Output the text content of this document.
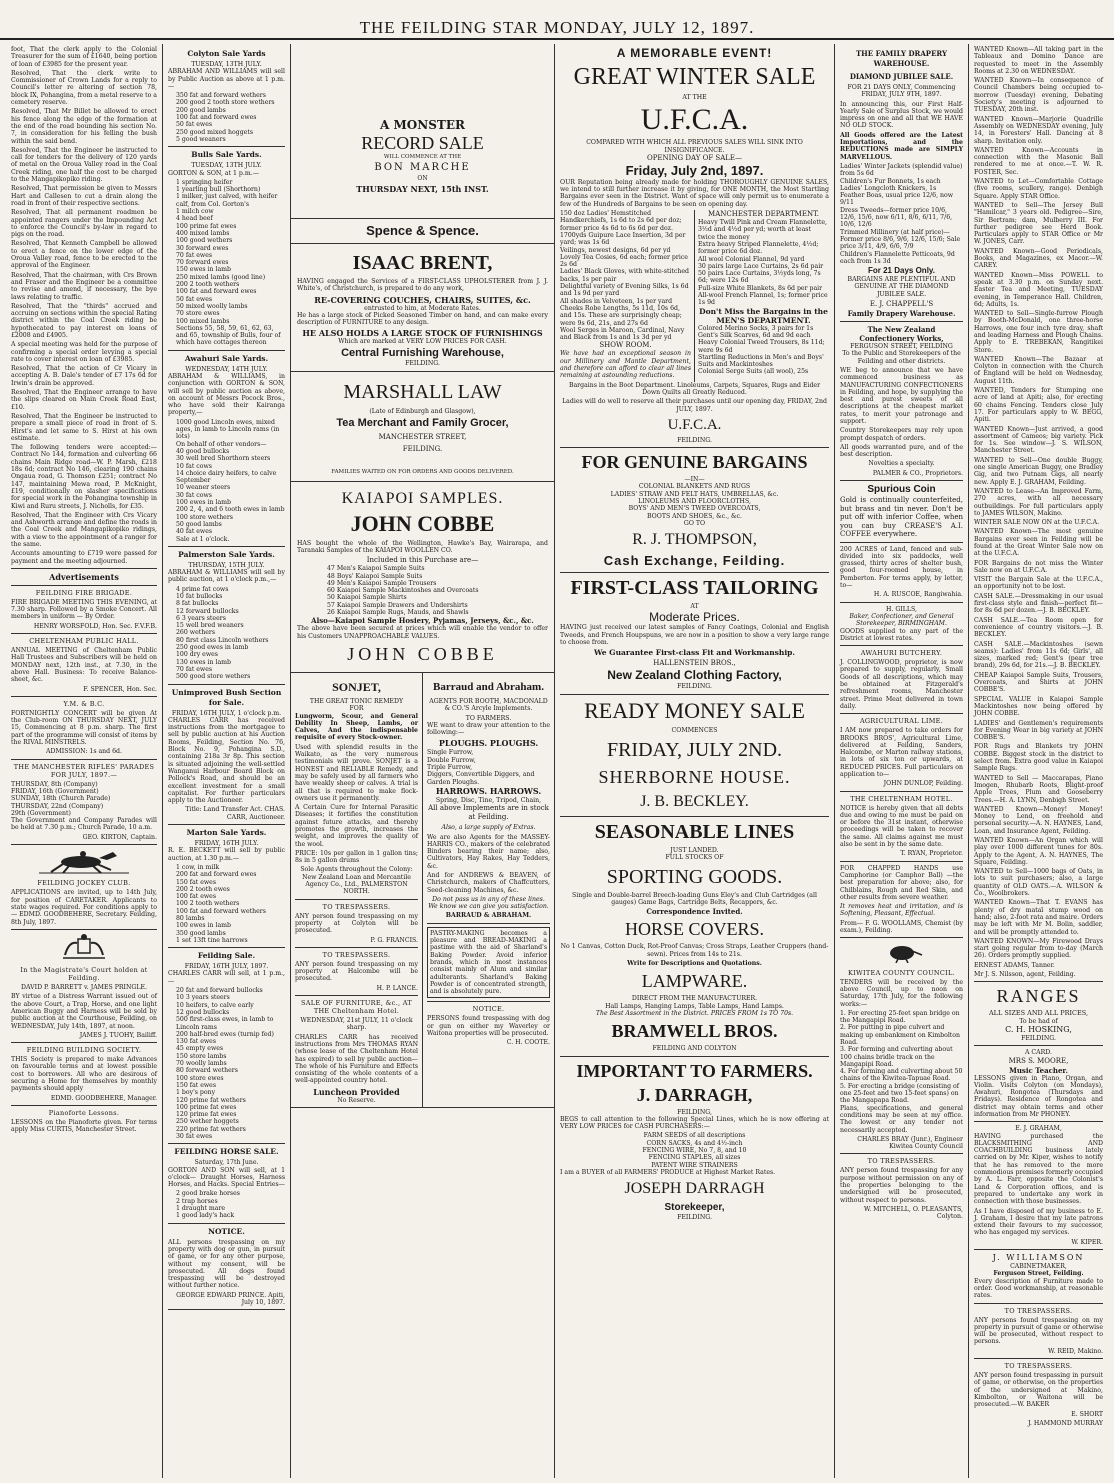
THE FEILDING STAR MONDAY, JULY 12, 1897.

foot, That the clerk apply to the Colonial Treasurer for the sum of £1640, being portion of loan of £3985 for the present year.

Resolved, That the clerk write to Commissioner of Crown Lands for a reply to Council's letter re altering of section 78, block IX, Pohangina, from a metal reserve to a cemetery reserve.

Resolved, That Mr Billet be allowed to erect his fence along the edge of the formation at the end of the road bounding his section No. 7, in consideration for his felling the bush within the said bend.

Resolved, That the Engineer be instructed to call for tenders for the delivery of 120 yards of metal on the Oroua Valley road in the Coal Creek riding, one half the cost to be charged to the Mangapikopiko riding.

Resolved, That permission be given to Messrs Hart and Callesen to cut a drain along the road in front of their respective sections.

Resolved, That all permanent roadmen be appointed rangers under the Impounding Act to enforce the Council's by-law in regard to pigs on the road.

Resolved, That Kenneth Campbell be allowed to erect a fence on the lower edge of the Oroua Valley road, fence to be erected to the approval of the Engineer.

Resolved, That the chairman, with Crs Brown and Fraser and the Engineer be a committee to revise and amend, if necessary, the bye laws relating to traffic.

Resolved, That the "thirds" accrued and accruing on sections within the special Rating district within the Coal Creek riding be hypothecated to pay interest on loans of £2008 and £4905.

A special meeting was held for the purpose of confirming a special order levying a special rate to cover interest on loan of £3985.

Resolved, That the action of Cr Vicary in accepting A. B. Dale's tender of £7 17s 6d for Irwin's drain be approved.

Resolved, That the Engineer arrange to have the slips cleared on Main Creek Road East, £10.

Resolved, That the Engineer be instructed to prepare a small piece of road in front of S. Hirst's and let same to S. Hirst at his own estimate.

The following tenders were accepted:— Contract No 144, formation and culverting 66 chains Main Ridge road—W. P. Marsh, £218 18s 6d; contract No 146, clearing 190 chains Ongaua road, G. Thomson £251; contract No 147, maintaining Mewa road, P. McKnight, £19, conditionally on slasher specifications for special work in the Pohangina township in Kiwi and Ruru streets, J. Nicholls, for £35.

Resolved, That the Engineer with Crs Vicary and Ashworth arrange and define the roads in the Coal Creek and Mangapikopiko ridings, with a view to the appointment of a ranger for the same.

Accounts amounting to £719 were passed for payment and the meeting adjourned.

Advertisements
FEILDING FIRE BRIGADE.

FIRE BRIGADE MEETING THIS EVENING, at 7.30 sharp. Followed by a Smoke Concert. All members in uniform — By Order.

HENRY WORSFOLD, Hon. Sec. F.V.F.B.

CHELTENHAM PUBLIC HALL.

ANNUAL MEETING of Cheltenham Public Hall Trustees and Subscribers will be held on MONDAY next, 12th inst., at 7.30, in the above Hall. Business: To receive Balance-sheet, &c.

F. SPENCER, Hon. Sec.

Y.M. & B.C.

FORTNIGHTLY CONCERT will be given At the Club-room ON THURSDAY NEXT, JULY 15, Commencing at 8 p.m. sharp. The first part of the programme will consist of items by the RIVAL MINSTRELS.

ADMISSION: 1s and 6d.

THE MANCHESTER RIFLES' PARADES FOR JULY, 1897.—
THURSDAY, 8th (Company)
FRIDAY, 16th (Government)
SUNDAY, 18th (Church Parade)
THURSDAY, 22nd (Company)
29th (Government)

The Government and Company Parades will be held at 7.30 p.m.; Church Parade, 10 a.m.

GEO. KIRTON, Captain.

FEILDING JOCKEY CLUB.

APPLICATIONS are invited, up to 14th July, for position of CARETAKER. Applicants to state wages required. For conditions apply to— EDMD. GOODBEHERE, Secretary. Feilding, 8th July, 1897.

In the Magistrate's Court holden at Feilding.

DAVID P. BARRETT v. JAMES PRINGLE.

BY virtue of a Distress Warrant issued out of the above Court, a Trap, Horse, and one light American Buggy and Harness will be sold by public auction at the Courthouse, Feilding, on WEDNESDAY, July 14th, 1897, at noon.

JAMES J. TUOHY, Bailiff.

FEILDING BUILDING SOCIETY.

THIS Society is prepared to make Advances on favourable terms and at lowest possible cost to borrowers. All who are desirous of securing a Home for themselves by monthly payments should apply

EDMD. GOODBEHERE, Manager.

Pianoforte Lessons.

LESSONS on the Pianoforte given. For terms apply Miss CURTIS, Manchester Street.

Colyton Sale Yards
TUESDAY, 13TH JULY.

ABRAHAM AND WILLIAMS will sell by Public Auction as above at 1 p.m.—

350 fat and forward wethers
200 good 2 tooth store wethers
200 good lambs
100 fat and forward ewes
50 fat ewes
250 good mixed hoggets
5 good weaners
Bulls Sale Yards.
TUESDAY, 13TH JULY.

GORTON & SON, at 1 p.m.—

1 springing heifer
1 yearling bull (Shorthorn)
1 milker, just calved, with heifer calf, from Col. Gorton's
1 milch cow
4 head beef
100 prime fat ewes
400 mixed lambs
100 good wethers
30 forward ewes
70 fat ewes
70 forward ewes
150 ewes in lamb
250 mixed lambs (good line)
200 2 tooth wethers
100 fat and forward ewes
50 fat ewes
50 mixed woolly lambs
70 store ewes
100 mixed lambs
Sections 55, 58, 59, 61, 62, 63, and 65, township of Bulls, four of which have cottages thereon
Awahuri Sale Yards.
WEDNESDAY, 14TH JULY.

ABRAHAM & WILLIAMS, in conjunction with GORTON & SON, will sell by public auction as above, on account of Messrs Pocock Bros., who have sold their Kairanga property,—

1000 good Lincoln ewes, mixed ages, in lamb to Lincoln rams (in lots)
On behalf of other vendors—
40 good bullocks
30 well bred Shorthorn steers
10 fat cows
14 choice dairy heifers, to calve September
10 weaner steers
30 fat cows
100 ewes in lamb
200 2, 4, and 6 tooth ewes in lamb
100 store wethers
50 good lambs
40 fat ewes
Sale at 1 o'clock.
Palmerston Sale Yards.
THURSDAY, 15TH JULY.

ABRAHAM & WILLIAMS will sell by public auction, at 1 o'clock p.m.,—

4 prime fat cows
10 fat bullocks
8 fat bullocks
12 forward bullocks
6 3 years steers
15 well bred weaners
260 wethers
80 first class Lincoln wethers
250 good ewes in lamb
100 dry ewes
130 ewes in lamb
70 fat ewes
500 good store wethers
Unimproved Bush Section for Sale.
FRIDAY, 16TH JULY, 1 o'clock p.m.

CHARLES CARR has received instructions from the mortgagee to sell by public auction at his Auction Rooms, Feilding, Section No. 76, Block No. 9, Pohangina S.D., containing 218a 3r 8p. This section is situated adjoining the well-settled Wanganui Harbour Board Block on Pollock's Road, and should be an excellent investment for a small capitalist. For further particulars apply to the Auctioneer.

Title: Land Transfer Act. CHAS. CARR, Auctioneer.

Marton Sale Yards.
FRIDAY, 16TH JULY.

R. E. BECKETT will sell by public auction, at 1.30 p.m.—

1 cow, in milk
200 fat and forward ewes
150 fat ewes
200 2 tooth ewes
100 fat ewes
100 2 tooth wethers
100 fat and forward wethers
80 lambs
100 ewes in lamb
350 good lambs
1 set 13ft tine harrows
Feilding Sale.
FRIDAY, 16TH JULY, 1897.

CHARLES CARR will sell, at 1 p.m.,—

20 fat and forward bullocks
10 3 years steers
10 heifers, to calve early
12 good bullocks
500 first-class ewes, in lamb to Lincoln rams
200 half-bred ewes (turnip fed)
130 fat ewes
45 empty ewes
150 store lambs
70 woolly lambs
80 forward wethers
100 store ewes
150 fat ewes
1 boy's pony
120 prime fat wethers
100 prime fat ewes
120 prime fat ewes
250 wether hoggets
220 prime fat wethers
30 fat ewes
FEILDING HORSE SALE.
Saturday, 17th June.

GORTON AND SON will sell, at 1 o'clock— Draught Horses, Harness Horses, and Hacks. Special Entries—

2 good brake horses
2 trap horses
1 draught mare
1 good lady's hack
NOTICE.

ALL persons trespassing on my property with dog or gun, in pursuit of game, or for any other purpose, without my consent, will be prosecuted. All dogs found trespassing will be destroyed without further notice.

GEORGE EDWARD PRINCE. Apiti, July 10, 1897.

A MONSTER
RECORD SALE
WILL COMMENCE AT THE
BON MARCHE
ON
THURSDAY NEXT, 15th INST.
Spence & Spence.
ISAAC BRENT,

HAVING engaged the Services of a FIRST-CLASS UPHOLSTERER from J. J. White's, of Christchurch, is prepared to do any work,

RE-COVERING COUCHES, CHAIRS, SUITES, &c.
entrusted to him, at Moderate Rates.

He has a large stock of Picked Seasoned Timber on hand, and can make every description of FURNITURE to any design.

HE ALSO HOLDS A LARGE STOCK OF FURNISHINGS
Which are marked at VERY LOW PRICES FOR CASH.
Central Furnishing Warehouse,
FEILDING.
MARSHALL LAW
(Late of Edinburgh and Glasgow),
Tea Merchant and Family Grocer,
MANCHESTER STREET,
FEILDING.
FAMILIES WAITED ON FOR ORDERS AND GOODS DELIVERED.
KAIAPOI SAMPLES.
JOHN COBBE

HAS bought the whole of the Wellington, Hawke's Bay, Wairarapa, and Taranaki Samples of the KAIAPOI WOOLLEN CO.

Included in this Purchase are—
47 Men's Kaiapoi Sample Suits
48 Boys' Kaiapoi Sample Suits
49 Men's Kaiapoi Sample Trousers
60 Kaiapoi Sample Mackintoshes and Overcoats
50 Kaiapoi Sample Shirts
57 Kaiapoi Sample Drawers and Undershirts
26 Kaiapoi Sample Rugs, Mauds, and Shawls
Also—Kaiapoi Sample Hosiery, Pyjamas, Jerseys, &c., &c.

The above have been secured at prices which will enable the vendor to offer his Customers UNAPPROACHABLE VALUES.

JOHN COBBE
SONJET,
THE GREAT TONIC REMEDY
FOR

Lungworm, Scour, and General Debility In Sheep, Lambs, or Calves, And the indispensable requisite of every Stock-owner.

Used with splendid results in the Waikato, as the very numerous testimonials will prove. SONJET is a HONEST and RELIABLE Remedy, and may be safely used by all farmers who have weakly sheep or calves. A trial is all that is required to make flock-owners use it permanently.

A Certain Cure for Internal Parasitic Diseases; it fortifies the constitution against future attacks, and thereby promotes the growth, increases the weight, and improves the quality of the wool.

PRICE: 10s per gallon in 1 gallon tins; 8s in 5 gallon drums

Sole Agents throughout the Colony: New Zealand Loan and Mercantile Agency Co., Ltd., PALMERSTON NORTH.

TO TRESPASSERS.

ANY person found trespassing on my property at Colyton will be prosecuted.

P. G. FRANCIS.

TO TRESPASSERS.

ANY person found trespassing on my property at Halcombe will be prosecuted.

H. P. LANCE.

SALE OF FURNITURE, &c., AT THE Cheltenham Hotel.

WEDNESDAY, 21st JULY, 11 o'clock sharp.

CHARLES CARR has received instructions from Mrs THOMAS RYAN (whose lease of the Cheltenham Hotel has expired) to sell by public auction— The whole of his Furniture and Effects consisting of the whole contents of a well-appointed country hotel.

Luncheon Provided
No Reserve.
Barraud and Abraham.

AGENTS FOR BOOTH, MACDONALD & CO.'S Arcyle Implements.

TO FARMERS.

WE want to draw your attention to the following:—

PLOUGHS. PLOUGHS.
Single Furrow,
Double Furrow,
Triple Furrow,
Diggers, Convertible Diggers, and Garden Ploughs.
HARROWS. HARROWS.
Spring, Disc, Tine, Tripod, Chain,

All above Implements are in stock at Feilding.

Also, a large supply of Extras.

We are also Agents for the MASSEY-HARRIS CO., makers of the celebrated Binders bearing their name; also, Cultivators, Hay Rakes, Hay Tedders, &c.

And for ANDREWS & BEAVEN, of Christchurch, makers of Chaffcutters, Seed-cleaning Machines, &c.

Do not pass us in any of these lines. We know we can give you satisfaction.

BARRAUD & ABRAHAM.

PASTRY-MAKING becomes a pleasure and BREAD-MAKING a pastime with the aid of Sharland's Baking Powder. Avoid inferior brands, which in most instances consist mainly of Alum and similar adulterants. Sharland's Baking Powder is of concentrated strength, and is absolutely pure.

NOTICE.

PERSONS found trespassing with dog or gun on either my Waverley or Waitona properties will be prosecuted.

C. H. COOTE.

A MEMORABLE EVENT!
GREAT WINTER SALE
AT THE
U.F.C.A.
COMPARED WITH WHICH ALL PREVIOUS SALES WILL SINK INTO INSIGNIFICANCE.
OPENING DAY OF SALE—
Friday, July 2nd, 1897.

OUR Reputation being already made for holding THOROUGHLY GENUINE SALES, we intend to still further increase it by giving, for ONE MONTH, the Most Startling Bargains ever seen in the District. Want of space will only permit us to enumerate a few of the Hundreds of Bargains to be seen on opening day.

150 doz Ladies' Hemstitched Handkerchiefs, 1s 6d to 2s 6d per doz; former price 4s 6d to 6s 6d per doz.
1700yds Guipure Lace Insertion, 3d per yard; was 1s 6d
Veilings, newest designs, 6d per yd
Lovely Tea Cosies, 6d each; former price 2s 6d
Ladies' Black Gloves, with white-stitched backs, 1s per pair
Delightful variety of Evening Silks, 1s 6d and 1s 9d per yard
All shades in Velveteen, 1s per yard
Cheeks Robe Lengths, 5s 11d, 10s 6d, and 15s. These are surprisingly cheap; were 9s 6d, 21s, and 27s 6d
Wool Serges in Maroon, Cardinal, Navy and Black from 1s and 1s 3d per yd
SHOW ROOM.

We have had an exceptional season in our Millinery and Mantle Department, and therefore can afford to clear all lines remaining at astounding reductions.

MANCHESTER DEPARTMENT.
Heavy Twill Pink and Cream Flannelette, 3½d and 4½d per yd; worth at least twice the money
Extra heavy Striped Flannelette, 4½d; former price 6d doz.
All wool Colonial Flannel, 9d yard
30 pairs large Lace Curtains, 2s 6d pair
50 pairs Lace Curtains, 3½yds long, 7s 6d; were 12s 6d
Full-size White Blankets, 8s 6d per pair
All-wool French Flannel, 1s; former price 1s 9d
Don't Miss the Bargains in the MEN'S DEPARTMENT.
Colored Merino Socks, 3 pairs for 1s
Gent's Silk Scarves, 6d and 9d each
Heavy Colonial Tweed Trousers, 8s 11d; were 9s 6d
Startling Reductions in Men's and Boys' Suits and Mackintoshes
Colonial Serge Suits (all wool), 25s

Bargains in the Boot Department. Linoleums, Carpets, Squares, Rugs and Eider Down Quilts all Greatly Reduced.

Ladies will do well to reserve all their purchases until our opening day, FRIDAY, 2nd JULY, 1897.

U.F.C.A.
FEILDING.
FOR GENUINE BARGAINS
—IN—
COLONIAL BLANKETS AND RUGS
LADIES' STRAW AND FELT HATS, UMBRELLAS, &c.
LINOLEUMS AND FLOORCLOTHS,
BOYS' AND MEN'S TWEED OVERCOATS,
BOOTS AND SHOES, &c., &c.
GO TO
R. J. THOMPSON,
Cash Exchange, Feilding.
FIRST-CLASS TAILORING
AT
Moderate Prices.

HAVING just received our latest samples of Fancy Coatings, Colonial and English Tweeds, and French Houpspuns, we are now in a position to show a very large range to choose from.

We Guarantee First-class Fit and Workmanship.
HALLENSTEIN BROS.,
New Zealand Clothing Factory,
FEILDING.
READY MONEY SALE
COMMENCES
FRIDAY, JULY 2ND.
SHERBORNE HOUSE.
J. B. BECKLEY.
SEASONABLE LINES
JUST LANDED.
FULL STOCKS OF
SPORTING GOODS.

Single and Double-barrel Breech-loading Guns Eley's and Club Cartridges (all gauges) Game Bags, Cartridge Belts, Recappers, &c.

Correspondence Invited.
HORSE COVERS.

No 1 Canvas, Cotton Duck, Rot-Proof Canvas; Cross Straps, Leather Cruppers (hand-sewn). Prices from 14s to 21s.

Write for Descriptions and Quotations.
LAMPWARE.
DIRECT FROM THE MANUFACTURER.
Hall Lamps, Hanging Lamps, Table Lamps, Hand Lamps.
The Best Assortment in the District. PRICES FROM 1s TO 70s.
BRAMWELL BROS.
FEILDING AND COLYTON
IMPORTANT TO FARMERS.
J. DARRAGH,
FEILDING,

BEGS to call attention to the following Special Lines, which he is now offering at VERY LOW PRICES for CASH PURCHASERS:—

FARM SEEDS of all descriptions
CORN SACKS, 4s and 4½-inch
FENCING WIRE, No 7, 8, and 10
FENCING STAPLES, all sizes
PATENT WIRE STRAINERS

I am a BUYER of all FARMERS' PRODUCE at Highest Market Rates.

JOSEPH DARRAGH
Storekeeper,
FEILDING.
THE FAMILY DRAPERY WAREHOUSE.
DIAMOND JUBILEE SALE.

FOR 21 DAYS ONLY, Commencing FRIDAY, JULY 9TH, 1897.

In announcing this, our First Half-Yearly Sale of Surplus Stock, we would impress on one and all that WE HAVE NO OLD STOCK.

All Goods offered are the Latest Importations, and the REDUCTIONS made are SIMPLY MARVELLOUS.

Ladies' Winter Jackets (splendid value) from 5s 6d
Children's Fur Bonnets, 1s each
Ladies' Longcloth Knickers, 1s
Feather Boas, usual price 12/6, now 9/11
Dress Tweeds—former price 10/6, 12/6, 15/6, now 6/11, 8/6, 6/11, 7/6, 10/6, 12/6
Trimmed Millinery (at half price)—Former price 8/6, 9/6, 12/6, 15/6; Sale price 3/11, 4/9, 6/6, 7/9
Children's Flannelette Petticoats, 9d each from 1s 3d
For 21 Days Only.

BARGAINS ARE PLENTIFUL AND GENUINE AT THE DIAMOND JUBILEE SALE.

E. J. CHAPPELL'S
Family Drapery Warehouse.
The New Zealand Confectionery Works,
FERGUSON STREET, FEILDING

To the Public and Storekeepers of the Feilding and other districts.

WE beg to announce that we have commenced business as MANUFACTURING CONFECTIONERS in Feilding, and hope, by supplying the best and purest sweets of all descriptions at the cheapest market rates, to merit your patronage and support.

Country Storekeepers may rely upon prompt despatch of orders.

All goods warranted pure, and of the best description.

Novelties a specialty.

PALMER & CO., Proprietors.

Spurious Coin

Gold is continually counterfeited, but brass and tin never. Don't be put off with inferior Coffee, when you can buy CREASE'S A.I. COFFEE everywhere.

200 ACRES of Land, fenced and sub-divided into six paddocks, well grassed, thirty acres of shelter bush, good four-roomed house, in Pemberton. For terms apply, by letter, to—

H. A. RUSCOE, Rangiwahia.

H. GILLS,
Baker, Confectioner, and General Storekeeper, BIRMINGHAM.

GOODS supplied to any part of the District at lowest rates.

AWAHURI BUTCHERY.

J. COLLINGWOOD, proprietor, is now prepared to supply, regularly, Small Goods of all descriptions, which may be obtained at Fitzgerald's refreshment rooms, Manchester street. Prime Meat delivered in town daily.

AGRICULTURAL LIME.

I AM now prepared to take orders for BROOKS BROS', Agricultural Lime, delivered at Feilding, Sanders, Halcombe, or Marton railway stations, in lots of six ton or upwards, at REDUCED PRICES. Full particulars on application to—

JOHN DUNLOP, Feilding.

THE CHELTENHAM HOTEL.

NOTICE is hereby given that all debts due and owing to me must be paid on or before the 31st instant, otherwise proceedings will be taken to recover the same. All claims against me must also be sent in by the same date.

T. RYAN, Proprietor.

FOR CHAPPED HANDS use Camphorine (or Camphor Ball) —the best preparation for above; also, for Chilblains, Rough and Red Skin, and other results from severe weather.

It removes heat and irritation, and is Softening, Pleasant, Effectual.

From— F. G. WOOLLAMS, Chemist (by exam.), Feilding.

KIWITEA COUNTY COUNCIL.

TENDERS will be received by the above Council, up to noon on Saturday, 17th July, for the following works:—

1. For erecting 25-feet span bridge on the Mangapipi Road.
2. For putting in pipe culvert and making up embankment on Kimbolton Road.
3. For forming and culverting about 100 chains bridle track on the Mangapipi Road.
4. For forming and culverting about 50 chains of the Kiwitea-Tapuae Road.
5. For erecting a bridge (consisting of one 25-feet and two 15-feet spans) on the Mangapapa Road.

Plans, specifications, and general conditions may be seen at my office. The lowest or any tender not necessarily accepted.

CHARLES BRAY (Junr.), Engineer Kiwitea County Council

TO TRESPASSERS.

ANY person found trespassing for any purpose without permission on any of the properties belonging to the undersigned will be prosecuted, without respect to persons.

W. MITCHELL, O. PLEASANTS, Colyton.

WANTED Known—All taking part in the Tableaux and Domino Dance are requested to meet in the Assembly Rooms at 2.30 on WEDNESDAY.

WANTED Known—In consequence of Council Chambers being occupied to-morrow (Tuesday) evening, Debating Society's meeting is adjourned to TUESDAY, 20th inst.

WANTED Known—Marjorie Quadrille Assembly on WEDNESDAY evening, July 14, in Foresters' Hall. Dancing at 8 sharp. Invitation only.

WANTED Known—Accounts in connection with the Masonic Ball rendered to me at once.—T. W. R. FOSTER, Sec.

WANTED to Let—Comfortable Cottage (five rooms, scullery, range). Denbigh Square. Apply STAR Office.

WANTED to Sell—The Jersey Bull "Hamilcar," 3 years old. Pedigree—Sire, Sir Bertram; dam, Mulberry III. For further pedigree see Herd Book. Particulars apply to STAR Office or Mr W. JONES, Carr.

WANTED Known—Good Periodicals, Books, and Magazines, ex Macor.—W. CAREY.

WANTED Known—Miss POWELL to speak at 3.30 p.m. on Sunday next. Easter Tea and Meeting, TUESDAY evening, in Temperance Hall. Children, 6d; Adults, 1s.

WANTED to Sell—Single-furrow Plough by Booth-McDonald, one three-horse Harrows, one four inch tyre dray, shaft and leading Harness and Plough Chains. Apply to E. TREBEKAN, Rangitikei Store.

WANTED Known—The Bazaar at Colyton in connection with the Church of England will be held on Wednesday, August 11th.

WANTED, Tenders for Stumping one acre of land at Apiti; also, for erecting 60 chains Fencing. Tenders close July 17. For particulars apply to W. BEGG, Apiti.

WANTED Known—Just arrived, a good assortment of Cameos; big variety. Pick for 1s. See window—J. S. WILSON, Manchester Street.

WANTED to Sell—One double Buggy, one single American Buggy, one Bradley Gig, and two Putnam Gigs, all nearly new. Apply E. J. GRAHAM, Feilding.

WANTED to Lease—An Improved Farm, 270 acres, with all necessary outbuildings. For full particulars apply to JAMES WILSON, Makino.

WINTER SALE NOW ON at the U.F.C.A.

WANTED Known—The most genuine Bargains ever seen in Feilding will be found at the Great Winter Sale now on at the U.F.C.A.

FOR Bargains do not miss the Winter Sale now on at U.F.C.A.

VISIT the Bargain Sale at the U.F.C.A., an opportunity not to be lost.

CASH SALE.—Dressmaking in our usual first-class style and finish—perfect fit—for 8s 6d per dozen.—J. B. BECKLEY.

CASH SALE.—Tea Room open for convenience of country visitors.—J. B. BECKLEY.

CASH SALE.—Mackintoshes (sewn seams): Ladies' from 11s 6d; Girls', all sizes, marked red; Gent's (pear tree brand), 29s 6d, for 21s.—J. B. BECKLEY.

CHEAP Kaiapoi Sample Suits, Trousers, Overcoats, and Shirts at JOHN COBBE'S.

SPECIAL VALUE in Kaiapoi Sample Mackintoshes now being offered by JOHN COBBE.

LADIES' and Gentlemen's requirements for Evening Wear in big variety at JOHN COBBE'S.

FOR Rugs and Blankets try JOHN COBBE. Biggest stock in the district to select from. Extra good value in Kaiapoi Sample Rugs.

WANTED to Sell — Maccarapas, Piano Imogen, Rhubarb Roots, Blight-proof Apple Trees, Plum and Gooseberry Trees.—H. A. LYNN, Denbigh Street.

WANTED Known—Money! Money! Money to Lend, on freehold and personal security.—A. N. HAYNES, Land, Loan, and Insurance Agent, Feilding.

WANTED Known—An Organ which will play over 1000 different tunes for 80s. Apply to the Agent, A. N. HAYNES, The Square, Feilding.

WANTED to Sell—1000 bags of Oats, in lots to suit purchasers; also, a large quantity of OLD OATS.—A. WILSON & Co., Woolbrokers.

WANTED Known—That T. EVANS has plenty of dry mataī stump wood on hand; also, 2-foot rata and maire. Orders may be left with Mr M. Bolin, saddler, and will be promptly attended to.

WANTED KNOWN—My Firewood Drays start going regular from to-day (March 26). Orders promptly supplied.

ERNEST ADAMS, Tanner.

Mr J. S. Nilsson, agent, Feilding.

RANGES
ALL SIZES AND ALL PRICES,
To be had of
C. H. HOSKING,
FEILDING.
A CARD.
MRS S. MOORE,
Music Teacher.

LESSONS given in Piano, Organ, and Violin. Visits Colyton (on Mondays), Awahuri, Rongotea (Thursdays and Fridays). Residence of Rongotea and district may obtain terms and other information from Mr PHONEY.

E. J. GRAHAM,

HAVING purchased the BLACKSMITHING AND COACHBUILDING business lately carried on by Mr. Kiper, wishes to notify that he has removed to the more commodious premises formerly occupied by A. L. Farr, opposite the Colonist's Land & Corporation offices, and is prepared to undertake any work in connection with those businesses.

As I have disposed of my business to E. J. Graham, I desire that my late patrons extend their favours to my successor, who has engaged my services.

W. KIPER.

J. WILLIAMSON
CABINETMAKER,
Ferguson Street, Feilding.

Every description of Furniture made to order. Good workmanship, at reasonable rates.

TO TRESPASSERS.

ANY persons found trespassing on my property in pursuit of game or otherwise will be prosecuted, without respect to persons.

W. REID, Makino.

TO TRESPASSERS.

ANY person found trespassing in pursuit of game, or otherwise, on the properties of the undersigned at Makino, Kimbolton, or Waitona will be prosecuted.—W. BAKER

E. SHORT

J. HAMMOND MURRAY
